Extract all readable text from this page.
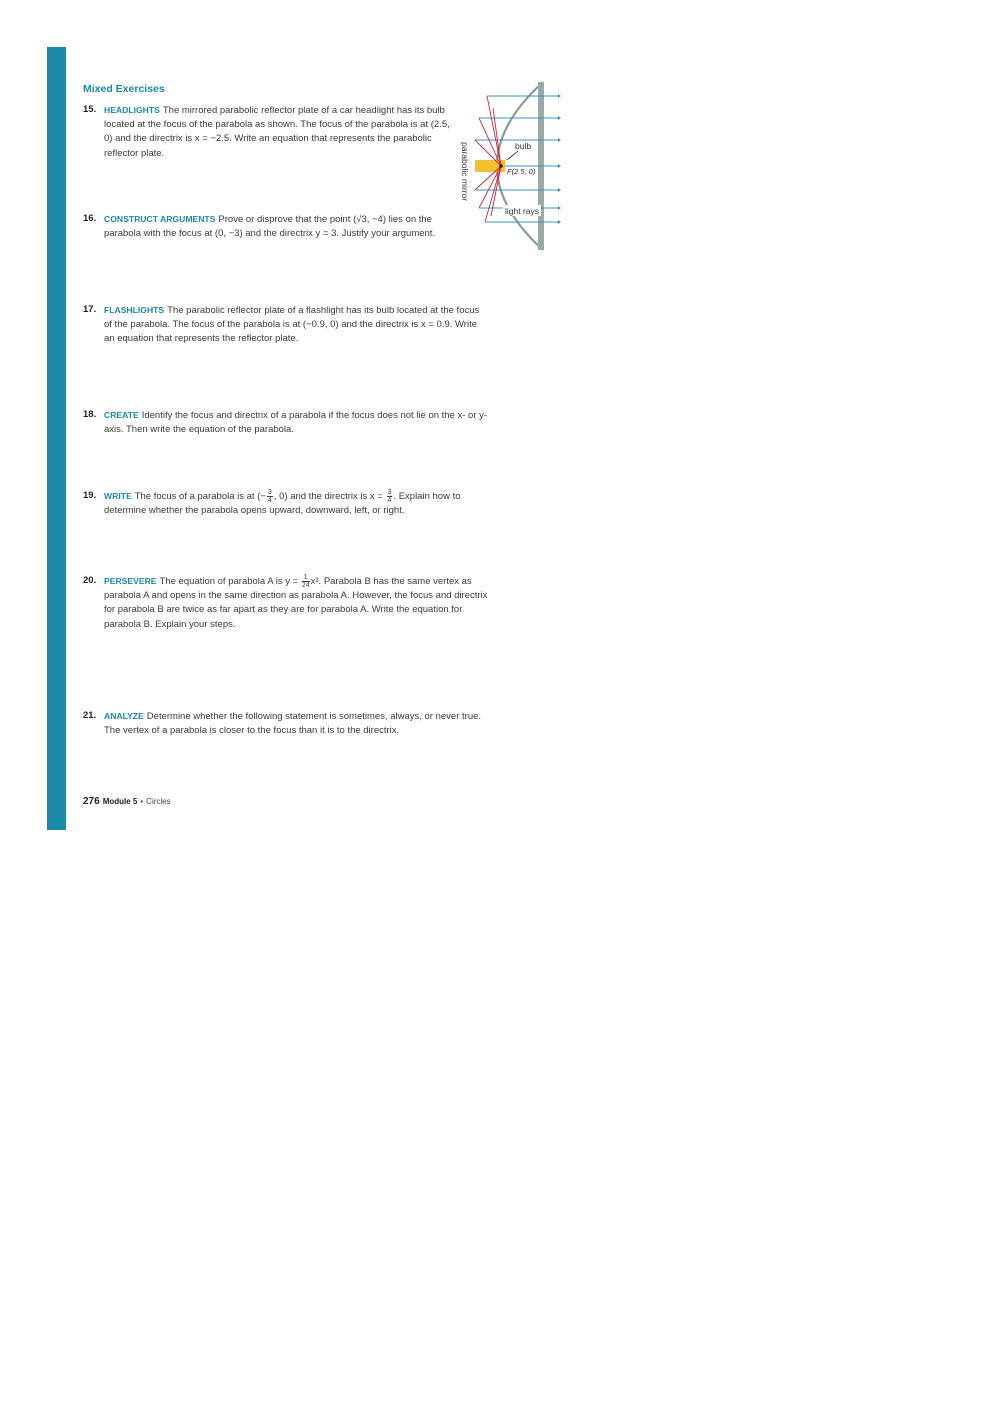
Mixed Exercises
15. HEADLIGHTS The mirrored parabolic reflector plate of a car headlight has its bulb located at the focus of the parabola as shown. The focus of the parabola is at (2.5, 0) and the directrix is x = −2.5. Write an equation that represents the parabolic reflector plate.
16. CONSTRUCT ARGUMENTS Prove or disprove that the point (√3, −4) lies on the parabola with the focus at (0, −3) and the directrix y = 3. Justify your argument.
17. FLASHLIGHTS The parabolic reflector plate of a flashlight has its bulb located at the focus of the parabola. The focus of the parabola is at (−0.9, 0) and the directrix is x = 0.9. Write an equation that represents the reflector plate.
18. CREATE Identify the focus and directrix of a parabola if the focus does not lie on the x- or y- axis. Then write the equation of the parabola.
19. WRITE The focus of a parabola is at (− $\frac{3}{4}$ , 0) and the directrix is $x = \frac{3}{4}$ . Explain how to determine whether the parabola opens upward, downward, left, or right.
20. PERSEVERE The equation of parabola A is $y = \frac{1}{24} x^2$. Parabola B has the same vertex as parabola A and opens in the same direction as parabola A. However, the focus and directrix for parabola B are twice as far apart as they are for parabola A. Write the equation for parabola B. Explain your steps.
21. ANALYZE Determine whether the following statement is sometimes, always, or never true. The vertex of a parabola is closer to the focus than it is to the directrix.
bulb
F(2.5, 0)
light rays
parabolic mirror
276 Module 5 • Circles
